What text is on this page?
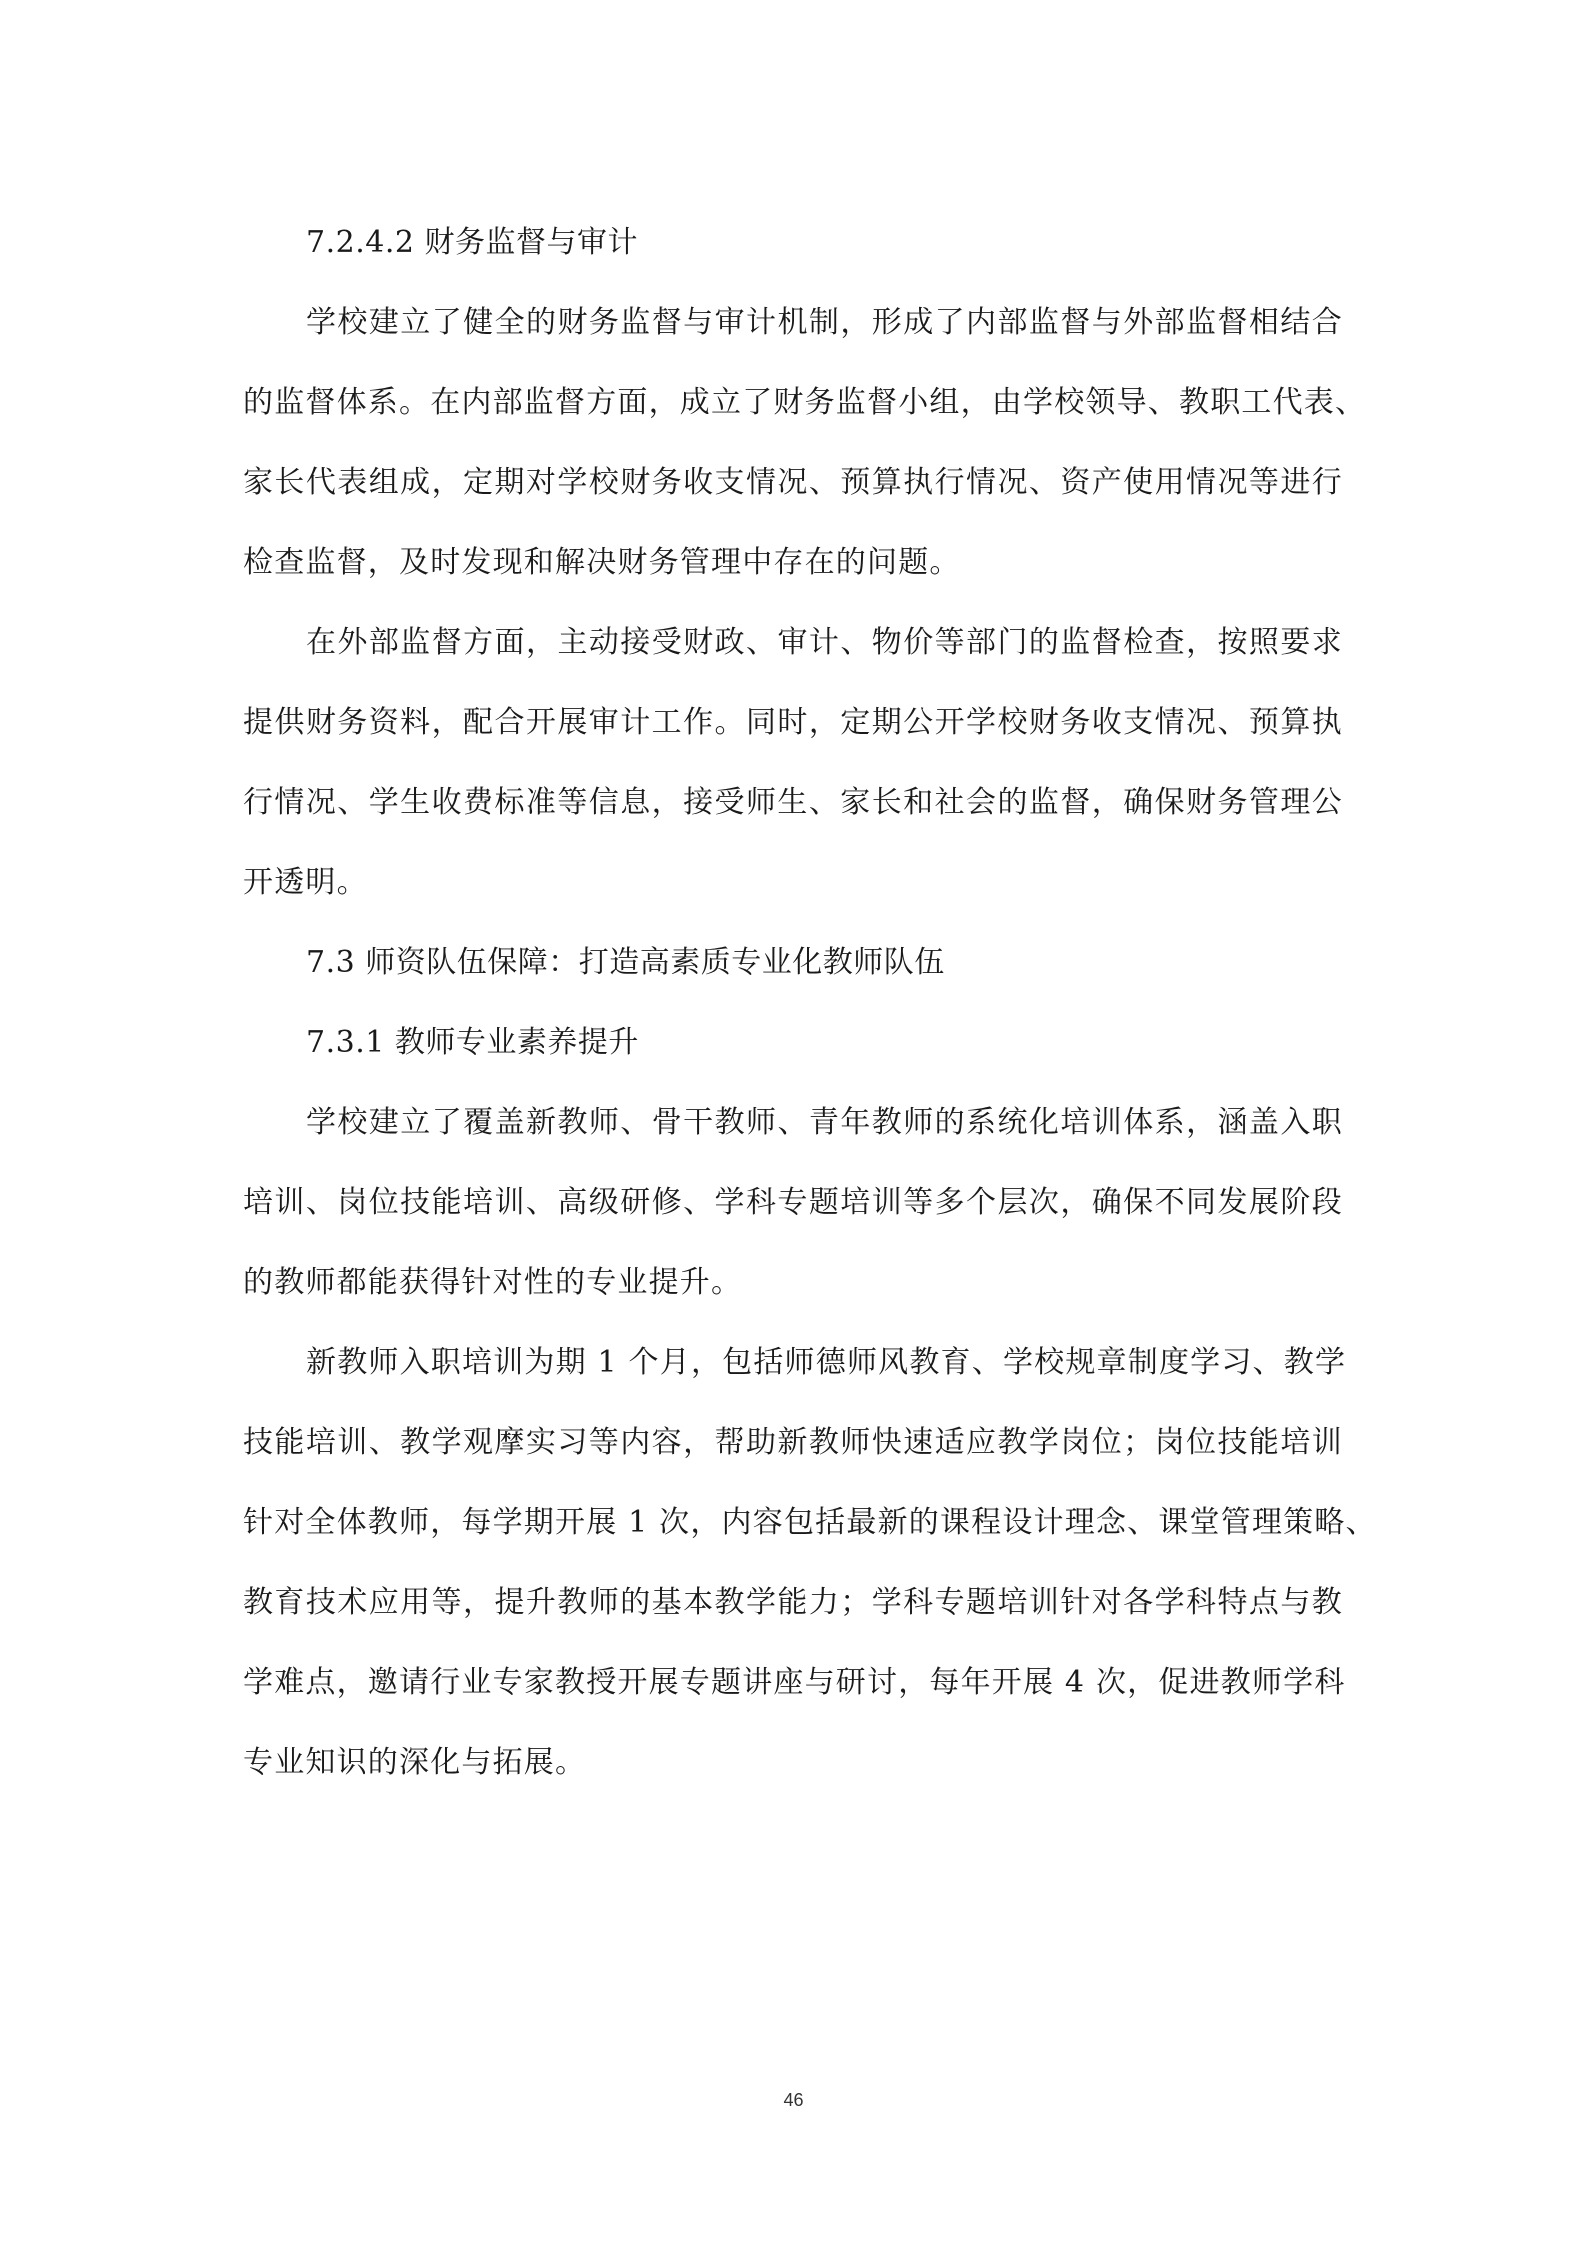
7.2.4.2 财务监督与审计
学校建立了健全的财务监督与审计机制，形成了内部监督与外部监督相结合
的监督体系。在内部监督方面，成立了财务监督小组，由学校领导、教职工代表、
家长代表组成，定期对学校财务收支情况、预算执行情况、资产使用情况等进行
检查监督，及时发现和解决财务管理中存在的问题。
在外部监督方面，主动接受财政、审计、物价等部门的监督检查，按照要求
提供财务资料，配合开展审计工作。同时，定期公开学校财务收支情况、预算执
行情况、学生收费标准等信息，接受师生、家长和社会的监督，确保财务管理公
开透明。
7.3 师资队伍保障：打造高素质专业化教师队伍
7.3.1 教师专业素养提升
学校建立了覆盖新教师、骨干教师、青年教师的系统化培训体系，涵盖入职
培训、岗位技能培训、高级研修、学科专题培训等多个层次，确保不同发展阶段
的教师都能获得针对性的专业提升。
新教师入职培训为期 1 个月，包括师德师风教育、学校规章制度学习、教学
技能培训、教学观摩实习等内容，帮助新教师快速适应教学岗位；岗位技能培训
针对全体教师，每学期开展 1 次，内容包括最新的课程设计理念、课堂管理策略、
教育技术应用等，提升教师的基本教学能力；学科专题培训针对各学科特点与教
学难点，邀请行业专家教授开展专题讲座与研讨，每年开展 4 次，促进教师学科
专业知识的深化与拓展。
46
